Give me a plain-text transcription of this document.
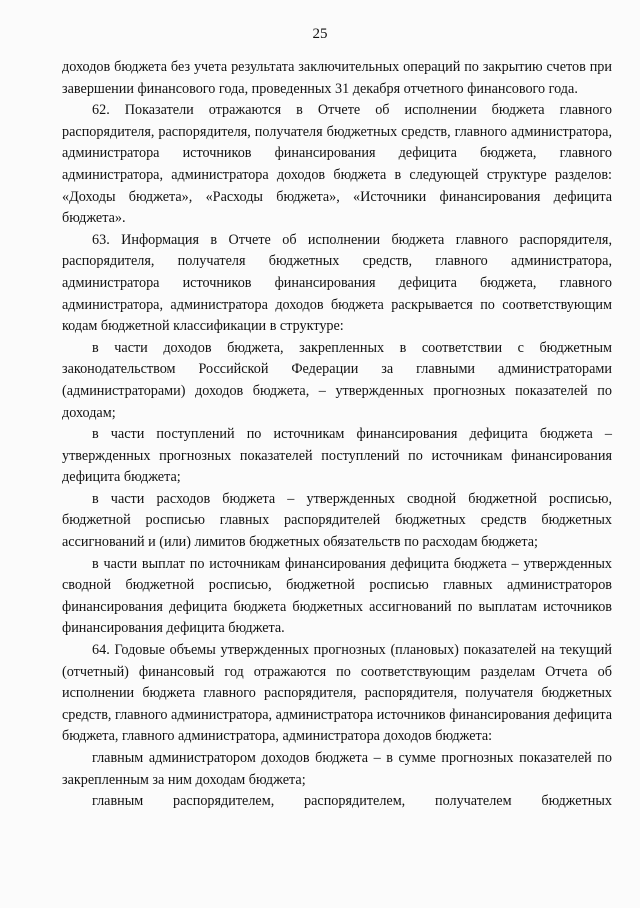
25

доходов бюджета без учета результата заключительных операций по закрытию счетов при завершении финансового года, проведенных 31 декабря отчетного финансового года.

62. Показатели отражаются в Отчете об исполнении бюджета главного распорядителя, распорядителя, получателя бюджетных средств, главного администратора, администратора источников финансирования дефицита бюджета, главного администратора, администратора доходов бюджета в следующей структуре разделов: «Доходы бюджета», «Расходы бюджета», «Источники финансирования дефицита бюджета».

63. Информация в Отчете об исполнении бюджета главного распорядителя, распорядителя, получателя бюджетных средств, главного администратора, администратора источников финансирования дефицита бюджета, главного администратора, администратора доходов бюджета раскрывается по соответствующим кодам бюджетной классификации в структуре:

в части доходов бюджета, закрепленных в соответствии с бюджетным законодательством Российской Федерации за главными администраторами (администраторами) доходов бюджета, – утвержденных прогнозных показателей по доходам;

в части поступлений по источникам финансирования дефицита бюджета – утвержденных прогнозных показателей поступлений по источникам финансирования дефицита бюджета;

в части расходов бюджета – утвержденных сводной бюджетной росписью, бюджетной росписью главных распорядителей бюджетных средств бюджетных ассигнований и (или) лимитов бюджетных обязательств по расходам бюджета;

в части выплат по источникам финансирования дефицита бюджета – утвержденных сводной бюджетной росписью, бюджетной росписью главных администраторов финансирования дефицита бюджета бюджетных ассигнований по выплатам источников финансирования дефицита бюджета.

64. Годовые объемы утвержденных прогнозных (плановых) показателей на текущий (отчетный) финансовый год отражаются по соответствующим разделам Отчета об исполнении бюджета главного распорядителя, распорядителя, получателя бюджетных средств, главного администратора, администратора источников финансирования дефицита бюджета, главного администратора, администратора доходов бюджета:

главным администратором доходов бюджета – в сумме прогнозных показателей по закрепленным за ним доходам бюджета;

главным распорядителем, распорядителем, получателем бюджетных
